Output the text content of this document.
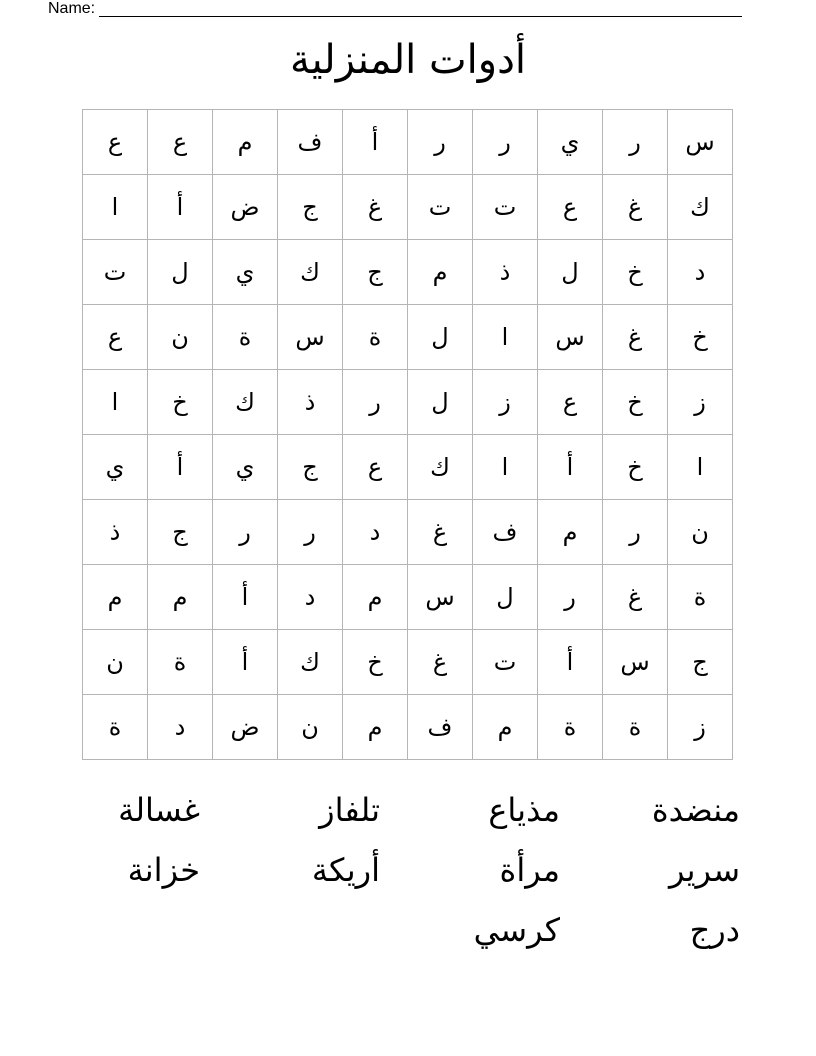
Name:
أدوات المنزلية
س	ر	ي	ر	ر	أ	ف	م	ع	ع
ك	غ	ع	ت	ت	غ	ج	ض	أ	ا
د	خ	ل	ذ	م	ج	ك	ي	ل	ت
خ	غ	س	ا	ل	ة	س	ة	ن	ع
ز	خ	ع	ز	ل	ر	ذ	ك	خ	ا
ا	خ	أ	ا	ك	ع	ج	ي	أ	ي
ن	ر	م	ف	غ	د	ر	ر	ج	ذ
ة	غ	ر	ل	س	م	د	أ	م	م
ج	س	أ	ت	غ	خ	ك	أ	ة	ن
ز	ة	ة	م	ف	م	ن	ض	د	ة
منضدة
مذياع
تلفاز
غسالة
سرير
مرأة
أريكة
خزانة
درج
كرسي
